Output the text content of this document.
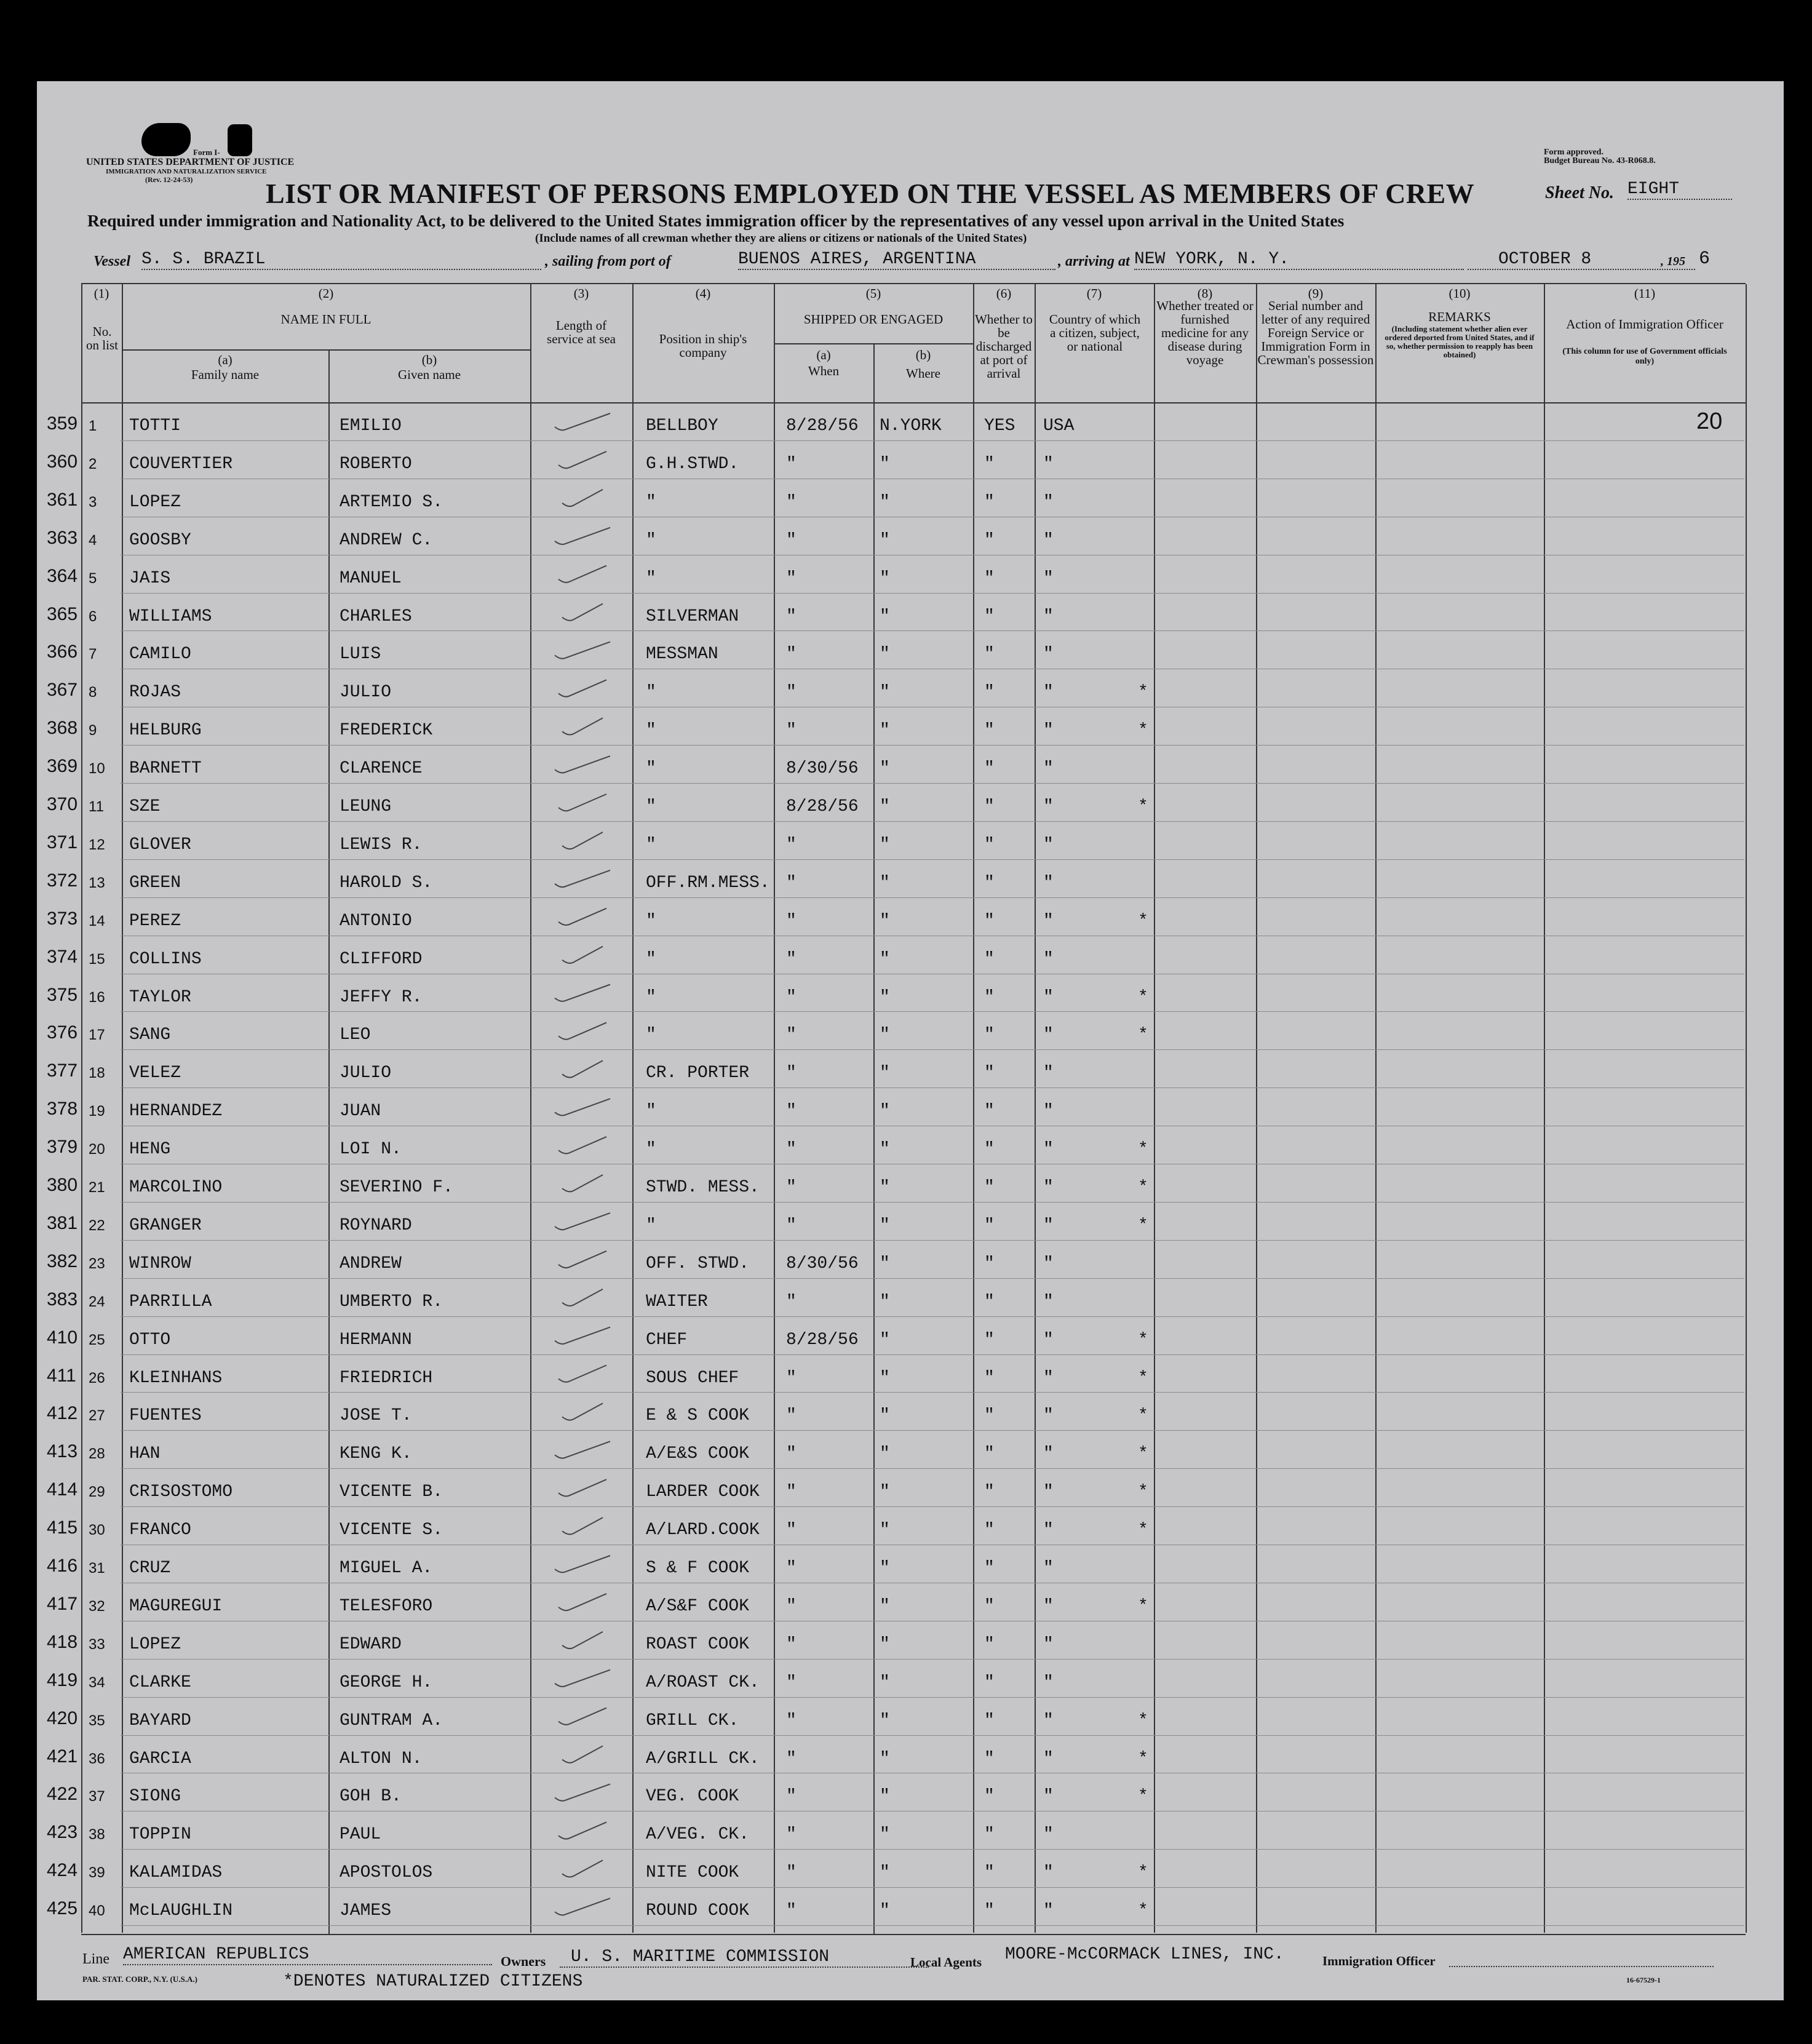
Form I-
UNITED STATES DEPARTMENT OF JUSTICE
IMMIGRATION AND NATURALIZATION SERVICE
(Rev. 12-24-53)
Form approved.
Budget Bureau No. 43-R068.8.
LIST OR MANIFEST OF PERSONS EMPLOYED ON THE VESSEL AS MEMBERS OF CREW	Sheet No. EIGHT
Required under immigration and Nationality Act, to be delivered to the United States immigration officer by the representatives of any vessel upon arrival in the United States
(Include names of all crewman whether they are aliens or citizens or nationals of the United States)
Vessel S. S. BRAZIL	, sailing from port of	BUENOS AIRES, ARGENTINA	, arriving at NEW YORK, N. Y.	OCTOBER 8	, 195 6
(1)
No. on list
(2)
NAME IN FULL
(a)
Family name
(b)
Given name
(3)
Length of service at sea
(4)
Position in ship's company
(5)
SHIPPED OR ENGAGED
(a)
When
(b)
Where
(6)
Whether to be discharged at port of arrival
(7)
Country of which a citizen, subject, or national
(8)
Whether treated or furnished medicine for any disease during voyage
(9)
Serial number and letter of any required Foreign Service or Immigration Form in Crewman's possession
(10)
REMARKS
(Including statement whether alien ever ordered deported from United States, and if so, whether permission to reapply has been obtained)
(11)
Action of Immigration Officer
(This column for use of Government officials only)
20
Line AMERICAN REPUBLICS	Owners	U. S. MARITIME COMMISSION	Local Agents MOORE-McCORMACK LINES, INC.	Immigration Officer
PAR. STAT. CORP., N.Y. (U.S.A.)	*DENOTES NATURALIZED CITIZENS	16-67529-1
359 1 TOTTI	EMILIO	BELLBOY	8/28/56 N.YORK YES USA
360 2 COUVERTIER	ROBERTO	G.H.STWD.	"	"	"	"
361 3 LOPEZ	ARTEMIO S.	"	"	"	"	"
363 4 GOOSBY	ANDREW C.	"	"	"	"	"
364 5 JAIS	MANUEL	"	"	"	"	"
365 6 WILLIAMS	CHARLES	SILVERMAN	"	"	"	"
366 7 CAMILO	LUIS	MESSMAN	"	"	"	"
367 8 ROJAS	JULIO	"	"	"	"	"	*
368 9 HELBURG	FREDERICK	"	"	"	"	"	*
369 10 BARNETT	CLARENCE	"	8/30/56 "	"	"
370 11 SZE	LEUNG	"	8/28/56 "	"	"	*
371 12 GLOVER	LEWIS R.	"	"	"	"	"
372 13 GREEN	HAROLD S.	OFF.RM.MESS. "	"	"	"
373 14 PEREZ	ANTONIO	"	"	"	"	"	*
374 15 COLLINS	CLIFFORD	"	"	"	"	"
375 16 TAYLOR	JEFFY R.	"	"	"	"	"	*
376 17 SANG	LEO	"	"	"	"	"	*
377 18 VELEZ	JULIO	CR. PORTER "	"	"	"
378 19 HERNANDEZ	JUAN	"	"	"	"	"
379 20 HENG	LOI N.	"	"	"	"	"	*
380 21 MARCOLINO	SEVERINO F.	STWD. MESS. "	"	"	"	*
381 22 GRANGER	ROYNARD	"	"	"	"	"	*
382 23 WINROW	ANDREW	OFF. STWD. 8/30/56 "	"	"
383 24 PARRILLA	UMBERTO R.	WAITER	"	"	"	"
410 25 OTTO	HERMANN	CHEF	8/28/56 "	"	"	*
411 26 KLEINHANS	FRIEDRICH	SOUS CHEF	"	"	"	"	*
412 27 FUENTES	JOSE T.	E & S COOK "	"	"	"	*
413 28 HAN	KENG K.	A/E&S COOK "	"	"	"	*
414 29 CRISOSTOMO	VICENTE B.	LARDER COOK "	"	"	"	*
415 30 FRANCO	VICENTE S.	A/LARD.COOK "	"	"	"	*
416 31 CRUZ	MIGUEL A.	S & F COOK "	"	"	"
417 32 MAGUREGUI	TELESFORO	A/S&F COOK "	"	"	"	*
418 33 LOPEZ	EDWARD	ROAST COOK "	"	"	"
419 34 CLARKE	GEORGE H.	A/ROAST CK. "	"	"	"
420 35 BAYARD	GUNTRAM A.	GRILL CK.	"	"	"	"	*
421 36 GARCIA	ALTON N.	A/GRILL CK. "	"	"	"	*
422 37 SIONG	GOH B.	VEG. COOK	"	"	"	"	*
423 38 TOPPIN	PAUL	A/VEG. CK. "	"	"	"
424 39 KALAMIDAS	APOSTOLOS	NITE COOK	"	"	"	"	*
425 40 McLAUGHLIN	JAMES	ROUND COOK "	"	"	"	*
